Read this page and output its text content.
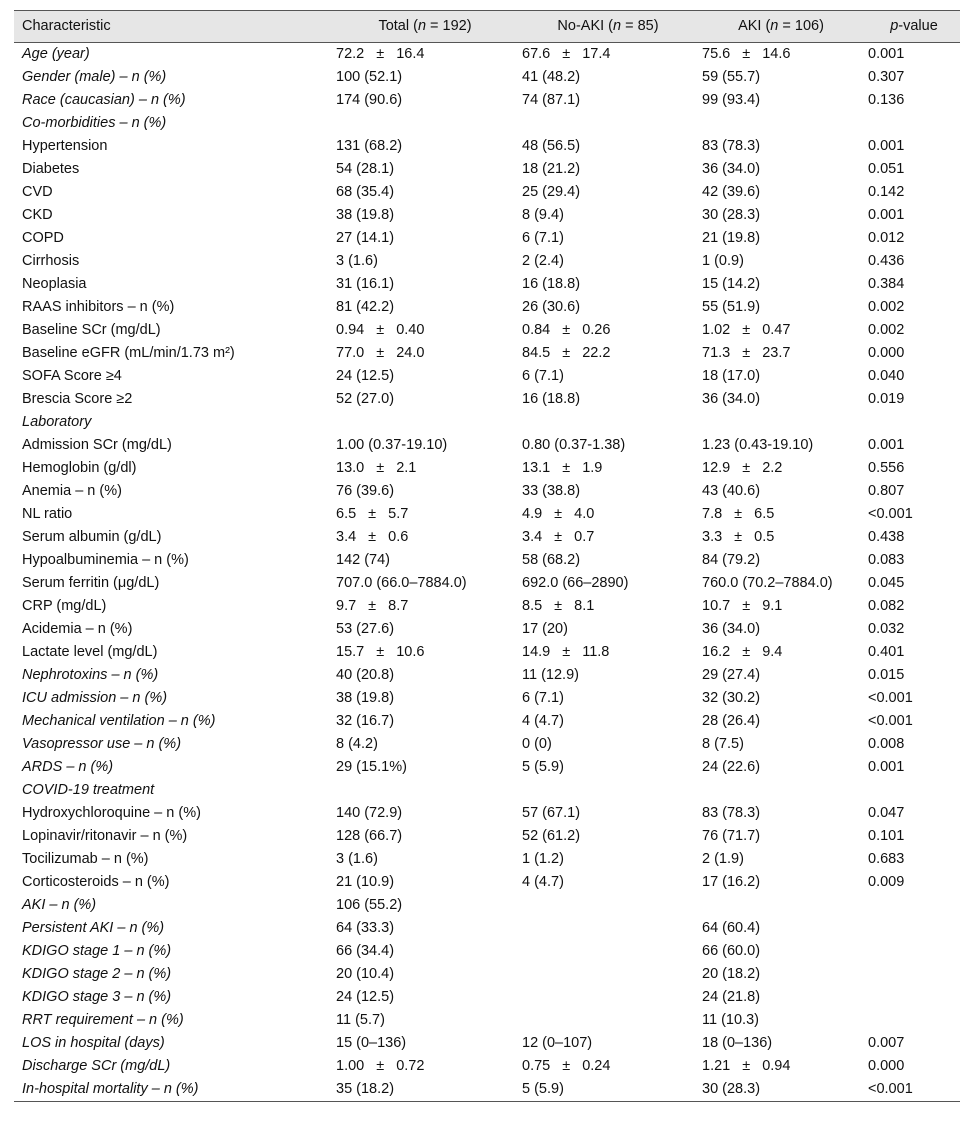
Characteristic	Total (n = 192)	No-AKI (n = 85)	AKI (n = 106)	p-value
Age (year)	72.2 ± 16.4	67.6 ± 17.4	75.6 ± 14.6	0.001
Gender (male) – n (%)	100 (52.1)	41 (48.2)	59 (55.7)	0.307
Race (caucasian) – n (%)	174 (90.6)	74 (87.1)	99 (93.4)	0.136
Co-morbidities – n (%)				
Hypertension	131 (68.2)	48 (56.5)	83 (78.3)	0.001
Diabetes	54 (28.1)	18 (21.2)	36 (34.0)	0.051
CVD	68 (35.4)	25 (29.4)	42 (39.6)	0.142
CKD	38 (19.8)	8 (9.4)	30 (28.3)	0.001
COPD	27 (14.1)	6 (7.1)	21 (19.8)	0.012
Cirrhosis	3 (1.6)	2 (2.4)	1 (0.9)	0.436
Neoplasia	31 (16.1)	16 (18.8)	15 (14.2)	0.384
RAAS inhibitors – n (%)	81 (42.2)	26 (30.6)	55 (51.9)	0.002
Baseline SCr (mg/dL)	0.94 ± 0.40	0.84 ± 0.26	1.02 ± 0.47	0.002
Baseline eGFR (mL/min/1.73 m²)	77.0 ± 24.0	84.5 ± 22.2	71.3 ± 23.7	0.000
SOFA Score ≥4	24 (12.5)	6 (7.1)	18 (17.0)	0.040
Brescia Score ≥2	52 (27.0)	16 (18.8)	36 (34.0)	0.019
Laboratory				
Admission SCr (mg/dL)	1.00 (0.37-19.10)	0.80 (0.37-1.38)	1.23 (0.43-19.10)	0.001
Hemoglobin (g/dl)	13.0 ± 2.1	13.1 ± 1.9	12.9 ± 2.2	0.556
Anemia – n (%)	76 (39.6)	33 (38.8)	43 (40.6)	0.807
NL ratio	6.5 ± 5.7	4.9 ± 4.0	7.8 ± 6.5	<0.001
Serum albumin (g/dL)	3.4 ± 0.6	3.4 ± 0.7	3.3 ± 0.5	0.438
Hypoalbuminemia – n (%)	142 (74)	58 (68.2)	84 (79.2)	0.083
Serum ferritin (μg/dL)	707.0 (66.0–7884.0)	692.0 (66–2890)	760.0 (70.2–7884.0)	0.045
CRP (mg/dL)	9.7 ± 8.7	8.5 ± 8.1	10.7 ± 9.1	0.082
Acidemia – n (%)	53 (27.6)	17 (20)	36 (34.0)	0.032
Lactate level (mg/dL)	15.7 ± 10.6	14.9 ± 11.8	16.2 ± 9.4	0.401
Nephrotoxins – n (%)	40 (20.8)	11 (12.9)	29 (27.4)	0.015
ICU admission – n (%)	38 (19.8)	6 (7.1)	32 (30.2)	<0.001
Mechanical ventilation – n (%)	32 (16.7)	4 (4.7)	28 (26.4)	<0.001
Vasopressor use – n (%)	8 (4.2)	0 (0)	8 (7.5)	0.008
ARDS – n (%)	29 (15.1%)	5 (5.9)	24 (22.6)	0.001
COVID-19 treatment				
Hydroxychloroquine – n (%)	140 (72.9)	57 (67.1)	83 (78.3)	0.047
Lopinavir/ritonavir – n (%)	128 (66.7)	52 (61.2)	76 (71.7)	0.101
Tocilizumab – n (%)	3 (1.6)	1 (1.2)	2 (1.9)	0.683
Corticosteroids – n (%)	21 (10.9)	4 (4.7)	17 (16.2)	0.009
AKI – n (%)	106 (55.2)			
Persistent AKI – n (%)	64 (33.3)		64 (60.4)	
KDIGO stage 1 – n (%)	66 (34.4)		66 (60.0)	
KDIGO stage 2 – n (%)	20 (10.4)		20 (18.2)	
KDIGO stage 3 – n (%)	24 (12.5)		24 (21.8)	
RRT requirement – n (%)	11 (5.7)		11 (10.3)	
LOS in hospital (days)	15 (0–136)	12 (0–107)	18 (0–136)	0.007
Discharge SCr (mg/dL)	1.00 ± 0.72	0.75 ± 0.24	1.21 ± 0.94	0.000
In-hospital mortality – n (%)	35 (18.2)	5 (5.9)	30 (28.3)	<0.001
